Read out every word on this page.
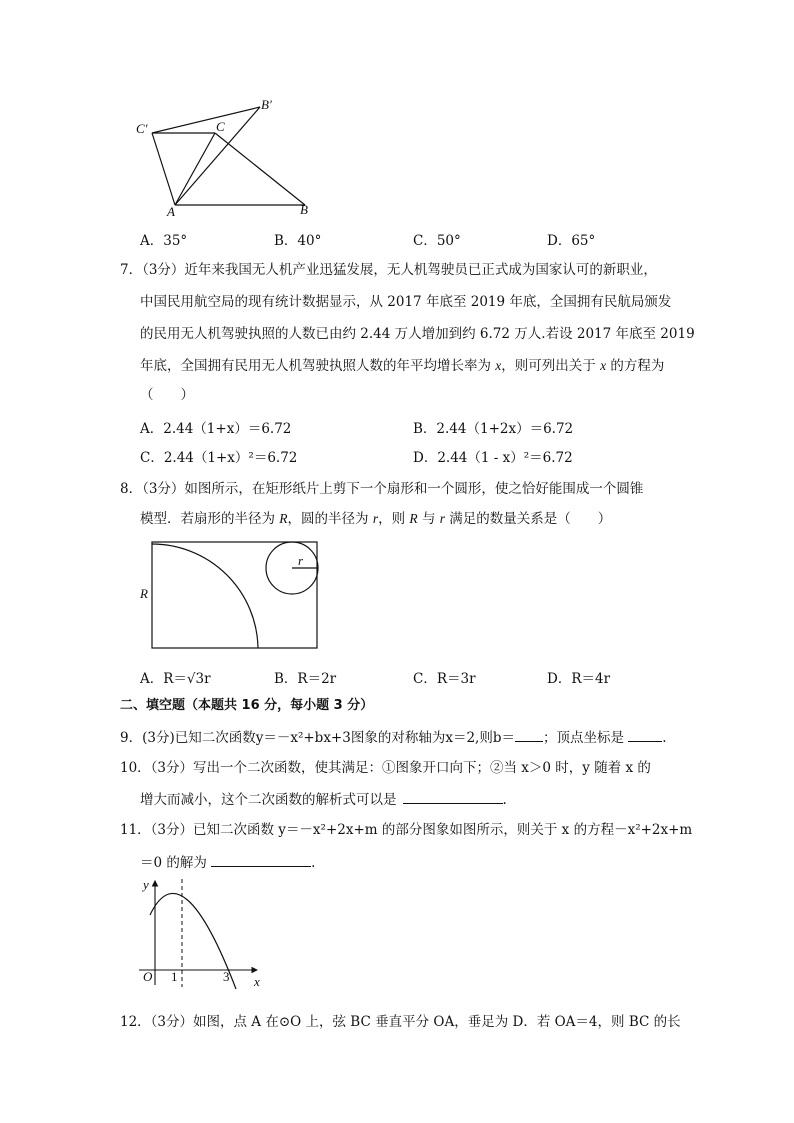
C′	C
B′
A	B
A．35°	B．40°	C．50°	D．65°
7．（3分）近年来我国无人机产业迅猛发展，无人机驾驶员已正式成为国家认可的新职业，
中国民用航空局的现有统计数据显示，从 2017 年底至 2019 年底，全国拥有民航局颁发
的民用无人机驾驶执照的人数已由约 2.44 万人增加到约 6.72 万人.若设 2017 年底至 2019
年底，全国拥有民用无人机驾驶执照人数的年平均增长率为 x，则可列出关于 x 的方程为
（　　）
A．2.44（1+x）＝6.72	B．2.44（1+2x）＝6.72
C．2.44（1+x）²＝6.72	D．2.44（1 - x）²＝6.72
8．（3分）如图所示，在矩形纸片上剪下一个扇形和一个圆形，使之恰好能围成一个圆锥
模型．若扇形的半径为 R，圆的半径为 r，则 R 与 r 满足的数量关系是（　　）
r
R
A．R＝√3r	B．R＝2r	C．R＝3r	D．R＝4r
二、填空题（本题共 16 分，每小题 3 分）
9．(3分)已知二次函数y＝－x²+bx+3图象的对称轴为x＝2,则b＝ ；顶点坐标是	.
10．（3分）写出一个二次函数，使其满足：①图象开口向下；②当 x＞0 时，y 随着 x 的
增大而减小，这个二次函数的解析式可以是	.
11．（3分）已知二次函数 y＝－x²+2x+m 的部分图象如图所示，则关于 x 的方程－x²+2x+m
＝0 的解为	.
y
x
O 1	3
12．（3分）如图，点 A 在⊙O 上，弦 BC 垂直平分 OA，垂足为 D．若 OA＝4，则 BC 的长
